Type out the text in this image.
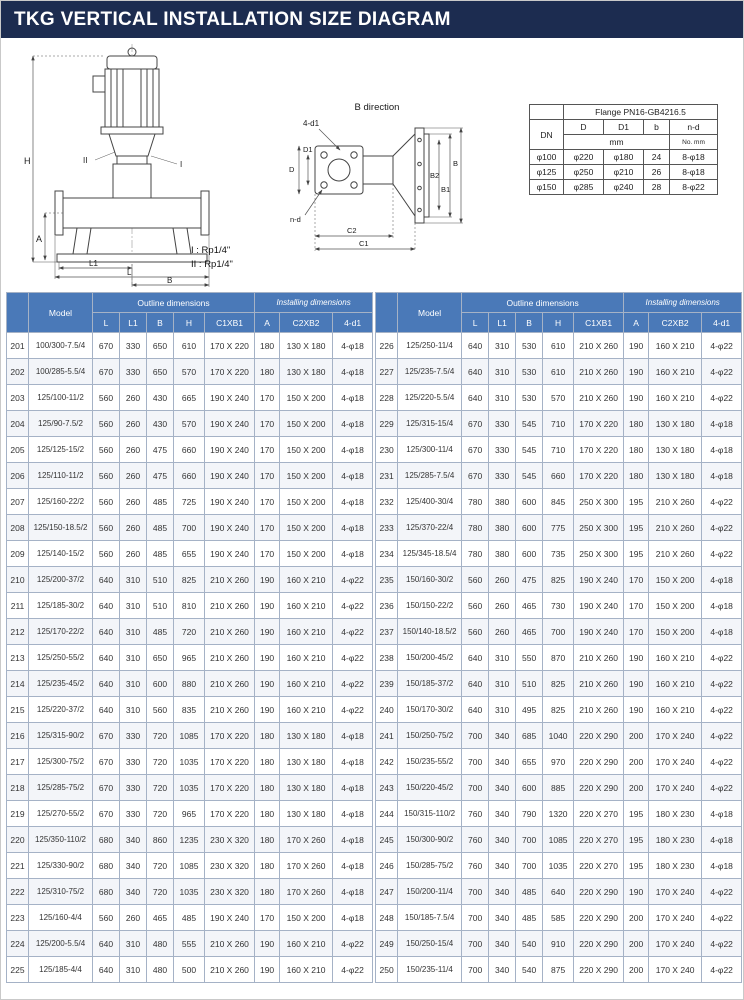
TKG VERTICAL INSTALLATION SIZE DIAGRAM
H
A
L1
L
B
II	I
B direction
4-d1
D
D1
n-d
C2
C1
B2
B1
B
I : Rp1/4"
II : Rp1/4"
	Flange PN16-GB4216.5			
DN	D	D1	b	n-d
	mm			No. mm
φ100	φ220	φ180	24	8-φ18
φ125	φ250	φ210	26	8-φ18
φ150	φ285	φ240	28	8-φ22
	Model	Outline dimensions					Installing dimensions		
		L	L1	B	H	C1XB1	A	C2XB2	4-d1
201	100/300-7.5/4	670	330	650	610	170 X 220	180	130 X 180	4-φ18
202	100/285-5.5/4	670	330	650	570	170 X 220	180	130 X 180	4-φ18
203	125/100-11/2	560	260	430	665	190 X 240	170	150 X 200	4-φ18
204	125/90-7.5/2	560	260	430	570	190 X 240	170	150 X 200	4-φ18
205	125/125-15/2	560	260	475	660	190 X 240	170	150 X 200	4-φ18
206	125/110-11/2	560	260	475	660	190 X 240	170	150 X 200	4-φ18
207	125/160-22/2	560	260	485	725	190 X 240	170	150 X 200	4-φ18
208	125/150-18.5/2	560	260	485	700	190 X 240	170	150 X 200	4-φ18
209	125/140-15/2	560	260	485	655	190 X 240	170	150 X 200	4-φ18
210	125/200-37/2	640	310	510	825	210 X 260	190	160 X 210	4-φ22
211	125/185-30/2	640	310	510	810	210 X 260	190	160 X 210	4-φ22
212	125/170-22/2	640	310	485	720	210 X 260	190	160 X 210	4-φ22
213	125/250-55/2	640	310	650	965	210 X 260	190	160 X 210	4-φ22
214	125/235-45/2	640	310	600	880	210 X 260	190	160 X 210	4-φ22
215	125/220-37/2	640	310	560	835	210 X 260	190	160 X 210	4-φ22
216	125/315-90/2	670	330	720	1085	170 X 220	180	130 X 180	4-φ18
217	125/300-75/2	670	330	720	1035	170 X 220	180	130 X 180	4-φ18
218	125/285-75/2	670	330	720	1035	170 X 220	180	130 X 180	4-φ18
219	125/270-55/2	670	330	720	965	170 X 220	180	130 X 180	4-φ18
220	125/350-110/2	680	340	860	1235	230 X 320	180	170 X 260	4-φ18
221	125/330-90/2	680	340	720	1085	230 X 320	180	170 X 260	4-φ18
222	125/310-75/2	680	340	720	1035	230 X 320	180	170 X 260	4-φ18
223	125/160-4/4	560	260	465	485	190 X 240	170	150 X 200	4-φ18
224	125/200-5.5/4	640	310	480	555	210 X 260	190	160 X 210	4-φ22
225	125/185-4/4	640	310	480	500	210 X 260	190	160 X 210	4-φ22
	Model	Outline dimensions					Installing dimensions		
		L	L1	B	H	C1XB1	A	C2XB2	4-d1
226	125/250-11/4	640	310	530	610	210 X 260	190	160 X 210	4-φ22
227	125/235-7.5/4	640	310	530	610	210 X 260	190	160 X 210	4-φ22
228	125/220-5.5/4	640	310	530	570	210 X 260	190	160 X 210	4-φ22
229	125/315-15/4	670	330	545	710	170 X 220	180	130 X 180	4-φ18
230	125/300-11/4	670	330	545	710	170 X 220	180	130 X 180	4-φ18
231	125/285-7.5/4	670	330	545	660	170 X 220	180	130 X 180	4-φ18
232	125/400-30/4	780	380	600	845	250 X 300	195	210 X 260	4-φ22
233	125/370-22/4	780	380	600	775	250 X 300	195	210 X 260	4-φ22
234	125/345-18.5/4	780	380	600	735	250 X 300	195	210 X 260	4-φ22
235	150/160-30/2	560	260	475	825	190 X 240	170	150 X 200	4-φ18
236	150/150-22/2	560	260	465	730	190 X 240	170	150 X 200	4-φ18
237	150/140-18.5/2	560	260	465	700	190 X 240	170	150 X 200	4-φ18
238	150/200-45/2	640	310	550	870	210 X 260	190	160 X 210	4-φ22
239	150/185-37/2	640	310	510	825	210 X 260	190	160 X 210	4-φ22
240	150/170-30/2	640	310	495	825	210 X 260	190	160 X 210	4-φ22
241	150/250-75/2	700	340	685	1040	220 X 290	200	170 X 240	4-φ22
242	150/235-55/2	700	340	655	970	220 X 290	200	170 X 240	4-φ22
243	150/220-45/2	700	340	600	885	220 X 290	200	170 X 240	4-φ22
244	150/315-110/2	760	340	790	1320	220 X 270	195	180 X 230	4-φ18
245	150/300-90/2	760	340	700	1085	220 X 270	195	180 X 230	4-φ18
246	150/285-75/2	760	340	700	1035	220 X 270	195	180 X 230	4-φ18
247	150/200-11/4	700	340	485	640	220 X 290	190	170 X 240	4-φ22
248	150/185-7.5/4	700	340	485	585	220 X 290	200	170 X 240	4-φ22
249	150/250-15/4	700	340	540	910	220 X 290	200	170 X 240	4-φ22
250	150/235-11/4	700	340	540	875	220 X 290	200	170 X 240	4-φ22
